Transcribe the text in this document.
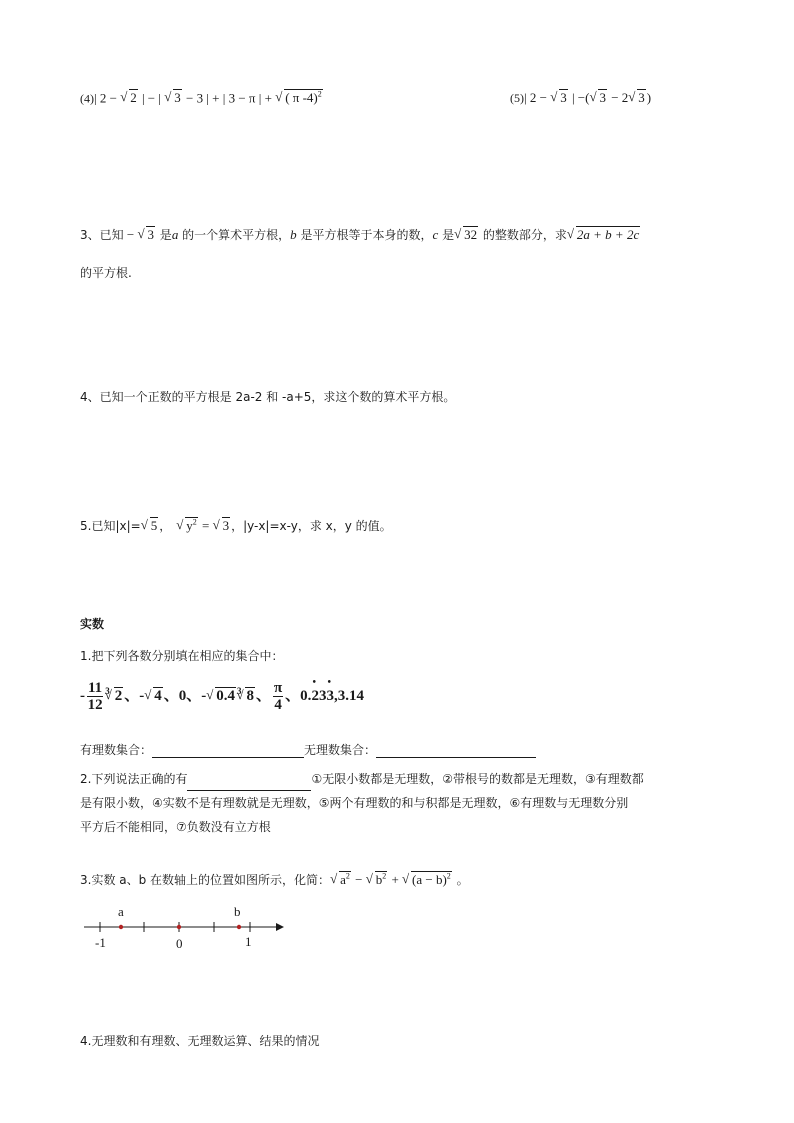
(4)| 2 − √ 2 | − | √ 3 − 3 | + | 3 − π | + √ ( π -4)$^2$	(5)| 2 − √ 3 | −(√ 3 − 2√ 3 )
3、已知 − √ 3 是a 的一个算术平方根，b 是平方根等于本身的数，c 是√ 32 的整数部分，求√ 2a + b + 2c
的平方根.
4、已知一个正数的平方根是 2a-2 和 -a+5，求这个数的算术平方根。
5.已知|x|=√ 5 ，√ $y^2$ = √ 3 ，|y-x|=x-y，求 x，y 的值。
实数
1.把下列各数分别填在相应的集合中：
- $\frac{11}{12} ^3√$ 2 、-√ 4 、0、-√ 0.4 $^3$√ 8 、 $\frac{\pi}{4}$ 、0.2 •33 •,3.14
有理数集合：	无理数集合：
2.下列说法正确的有	①无限小数都是无理数，②带根号的数都是无理数，③有理数都
是有限小数，④实数不是有理数就是无理数，⑤两个有理数的和与积都是无理数，⑥有理数与无理数分别
平方后不能相同，⑦负数没有立方根
3.实数 a、b 在数轴上的位置如图所示，化简：√ $a^2$ − √ $b^2$ + √ $(a - b)^2$ 。
a	b
-1	0	1
4.无理数和有理数、无理数运算、结果的情况
